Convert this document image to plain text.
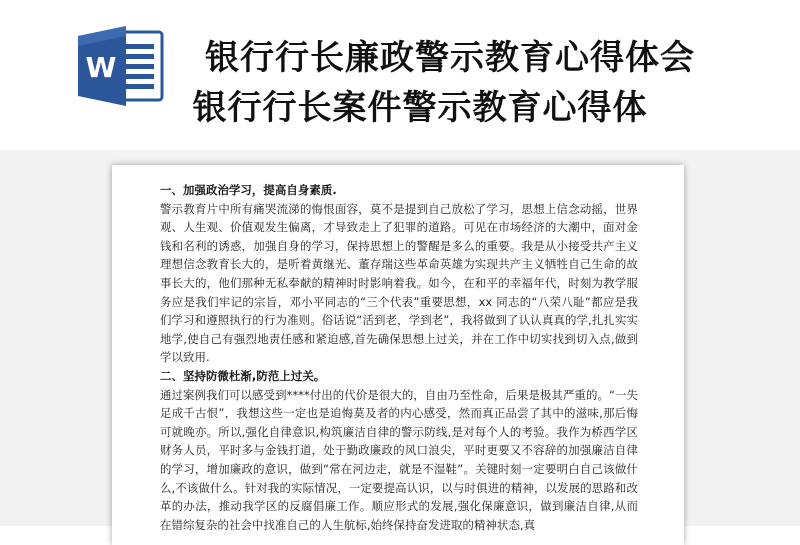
W	银行行长廉政警示教育心得体会
银行行长案件警示教育心得体
一、加强政治学习，提高自身素质.

警示教育片中所有痛哭流涕的悔恨面容，莫不是提到自己放松了学习，思想上信念动摇，世界观、人生观、价值观发生偏离，才导致走上了犯罪的道路。可见在市场经济的大潮中，面对金钱和名利的诱惑，加强自身的学习，保持思想上的警醒是多么的重要。我是从小接受共产主义理想信念教育长大的，是听着黄继光、董存瑞这些革命英雄为实现共产主义牺牲自己生命的故事长大的，他们那种无私奉献的精神时时影响着我。如今，在和平的幸福年代，时刻为教学服务应是我们牢记的宗旨，邓小平同志的“三个代表”重要思想，xx 同志的“八荣八耻”都应是我们学习和遵照执行的行为准则。俗话说“活到老，学到老”，我将做到了认认真真的学,扎扎实实地学,使自己有强烈地责任感和紧迫感,首先确保思想上过关，并在工作中切实找到切入点,做到学以致用.

二、坚持防微杜渐,防范上过关。

通过案例我们可以感受到****付出的代价是很大的，自由乃至性命，后果是极其严重的。“一失足成千古恨”，我想这些一定也是追悔莫及者的内心感受，然而真正品尝了其中的滋味,那后悔可就晚亦。所以,强化自律意识,构筑廉洁自律的警示防线,是对每个人的考验。我作为桥西学区财务人员，平时多与金钱打道，处于勤政廉政的风口浪尖，平时更要又不容辞的加强廉洁自律的学习，增加廉政的意识，做到“常在河边走，就是不湿鞋”。关键时刻一定要明白自己该做什么,不该做什么。针对我的实际情况，一定要提高认识，以与时俱进的精神，以发展的思路和改革的办法，推动我学区的反腐倡廉工作。顺应形式的发展,强化保廉意识，做到廉洁自律,从而在错综复杂的社会中找准自己的人生航标,始终保持奋发进取的精神状态,真
